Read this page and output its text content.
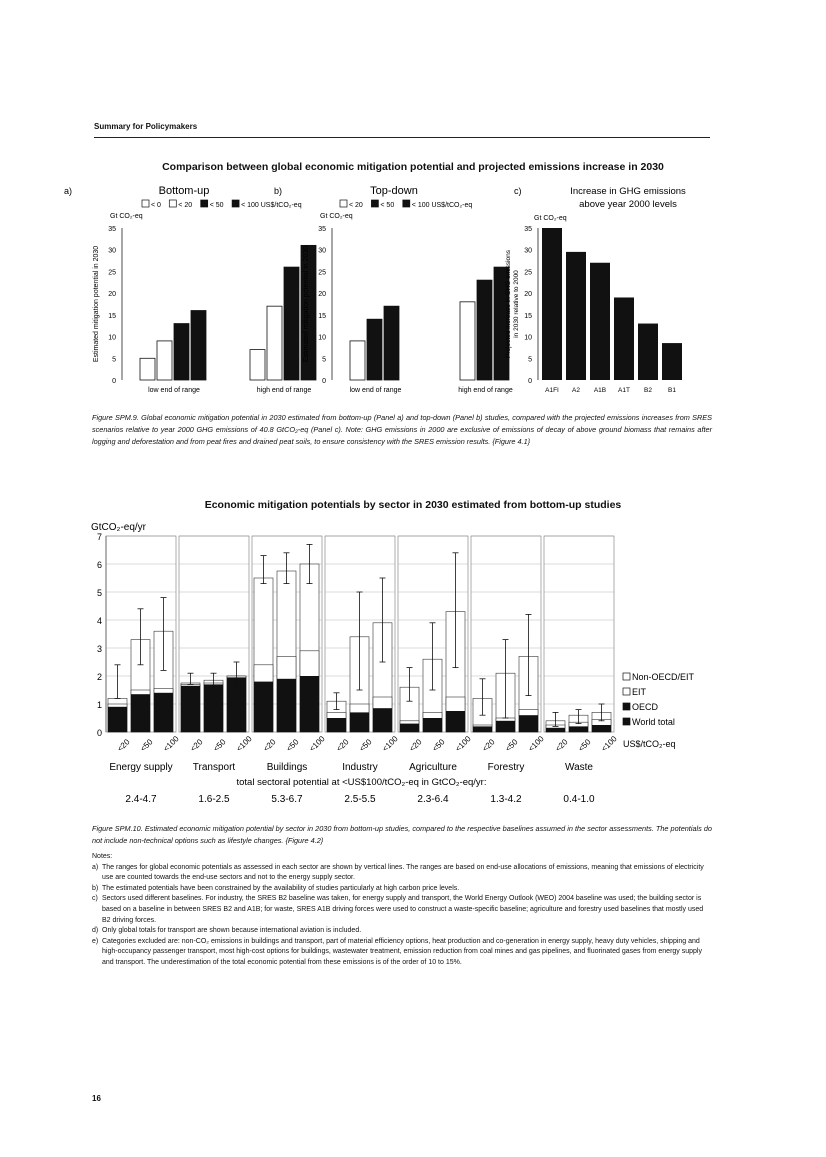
Summary for Policymakers
Comparison between global economic mitigation potential and projected emissions increase in 2030
a)	Bottom-up
< 0 < 20	< 50	< 100 US$/tCO₂-eq
Gt CO₂-eq
0
5
10
15
20
25
30
35
Estimated mitigation potential in 2030
low end of range	high end of range
b)	Top-down
< 20	< 50	< 100 US$/tCO₂-eq
Gt CO₂-eq
0
5
10
15
20
25
30
35
Estimated mitigation potential in 2030
low end of range	high end of range
c)	Increase in GHG emissions
above year 2000 levels
Gt CO₂-eq
0
5
10
15
20
25
30
35
Projected increase in GHG emissions in 2030 relative to 2000
A1FI A2 A1B A1T B2 B1
Figure SPM.9. Global economic mitigation potential in 2030 estimated from bottom-up (Panel a) and top-down (Panel b) studies, compared with the projected emissions increases from SRES scenarios relative to year 2000 GHG emissions of 40.8 GtCO₂-eq (Panel c). Note: GHG emissions in 2000 are exclusive of emissions of decay of above ground biomass that remains after logging and deforestation and from peat fires and drained peat soils, to ensure consistency with the SRES emission results. {Figure 4.1}
Economic mitigation potentials by sector in 2030 estimated from bottom-up studies
GtCO₂-eq/yr
0
1
2
3
4
5
6
7
<20 <50 <100
Energy supply
2.4-4.7
<20 <50 <100
Transport
1.6-2.5
<20 <50 <100
Buildings
5.3-6.7
<20 <50 <100
Industry
2.5-5.5
<20 <50 <100
Agriculture
2.3-6.4
<20 <50 <100
Forestry
1.3-4.2
<20 <50 <100
Waste
0.4-1.0
total sectoral potential at <US$100/tCO₂-eq in GtCO₂-eq/yr:
Non-OECD/EIT
EIT
OECD
World total
US$/tCO₂-eq
Figure SPM.10. Estimated economic mitigation potential by sector in 2030 from bottom-up studies, compared to the respective baselines assumed in the sector assessments. The potentials do not include non-technical options such as lifestyle changes. {Figure 4.2}
Notes:
a) The ranges for global economic potentials as assessed in each sector are shown by vertical lines. The ranges are based on end-use allocations of emissions, meaning that emissions of electricity use are counted towards the end-use sectors and not to the energy supply sector.
b) The estimated potentials have been constrained by the availability of studies particularly at high carbon price levels.
c) Sectors used different baselines. For industry, the SRES B2 baseline was taken, for energy supply and transport, the World Energy Outlook (WEO) 2004 baseline was used; the building sector is based on a baseline in between SRES B2 and A1B; for waste, SRES A1B driving forces were used to construct a waste-specific baseline; agriculture and forestry used baselines that mostly used B2 driving forces.
d) Only global totals for transport are shown because international aviation is included.
e) Categories excluded are: non-CO₂ emissions in buildings and transport, part of material efficiency options, heat production and co-generation in energy supply, heavy duty vehicles, shipping and high-occupancy passenger transport, most high-cost options for buildings, wastewater treatment, emission reduction from coal mines and gas pipelines, and fluorinated gases from energy supply and transport. The underestimation of the total economic potential from these emissions is of the order of 10 to 15%.
16
